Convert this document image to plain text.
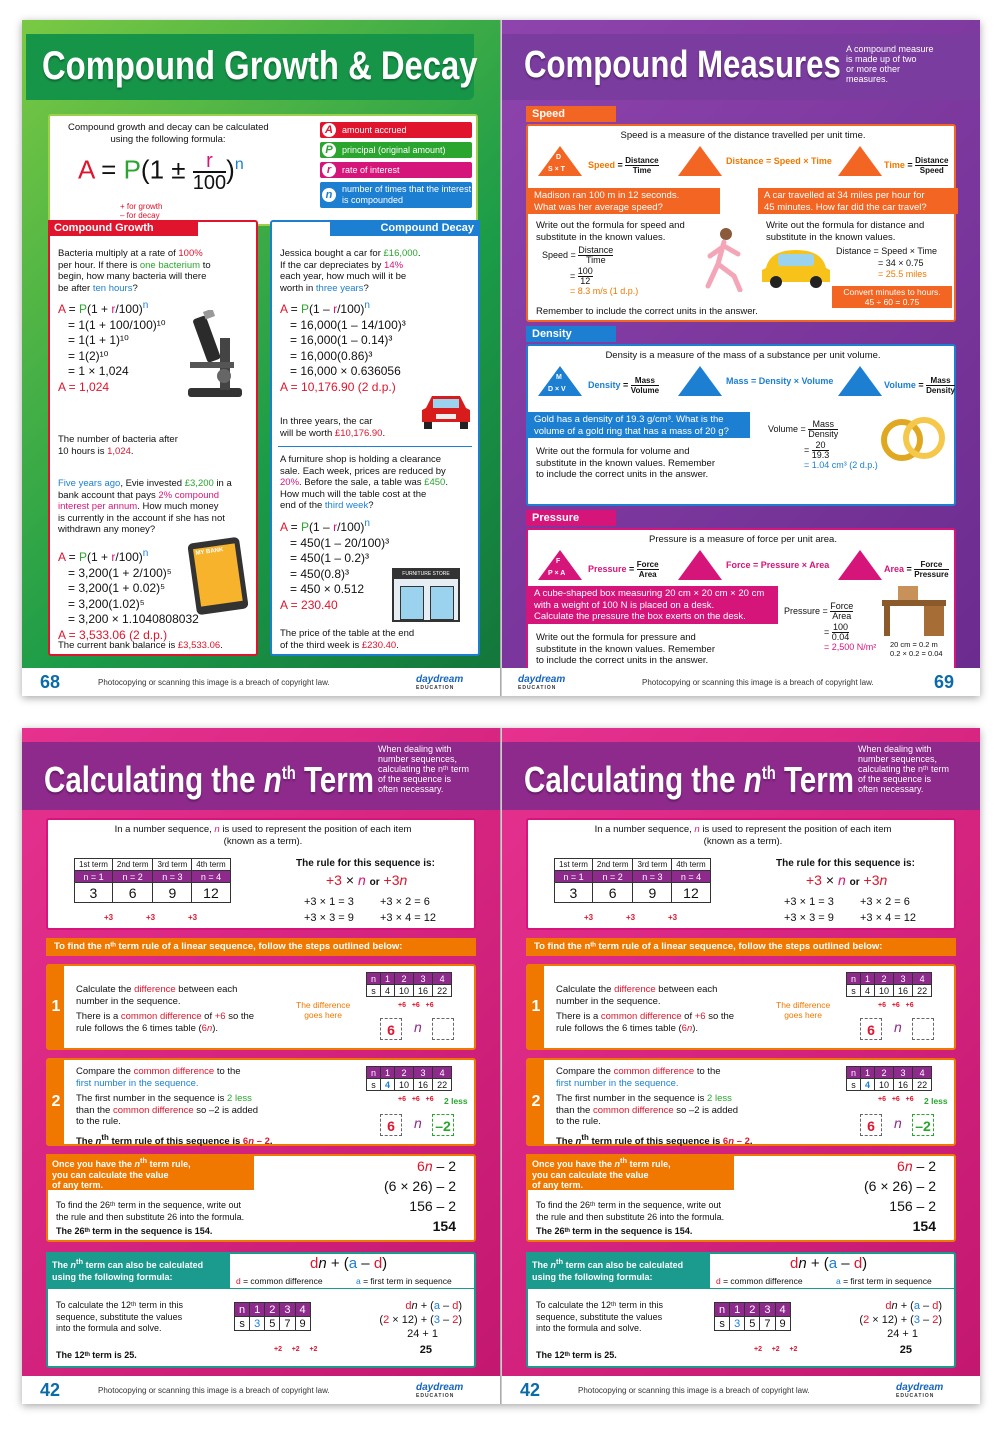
Compound Growth & Decay
Compound growth and decay can be calculated
using the following formula:
$A = P(1 \pm \frac{r}{100} )^n$
+ for growth
– for decay
A	amount accrued
P	principal (original amount)
r	rate of interest
n	number of times that the interest is compounded
Compound Growth
Bacteria multiply at a rate of 100%
per hour. If there is one bacterium to
begin, how many bacteria will there
be after ten hours?
$A = P(1 + r/100)^n$
= 1(1 + 100/100)¹⁰
= 1(1 + 1)¹⁰
= 1(2)¹⁰
= 1 × 1,024
A = 1,024
The number of bacteria after
10 hours is 1,024.
Five years ago, Evie invested £3,200 in a
bank account that pays 2% compound
interest per annum. How much money
is currently in the account if she has not
withdrawn any money?
$A = P(1 + r/100)^n$
= 3,200(1 + 2/100)⁵
= 3,200(1 + 0.02)⁵
= 3,200(1.02)⁵
= 3,200 × 1.1040808032
A = 3,533.06 (2 d.p.)
MY BANK
The current bank balance is £3,533.06.
Compound Decay
Jessica bought a car for £16,000.
If the car depreciates by 14%
each year, how much will it be
worth in three years?
A = P(1 – r/100)$^n$
= 16,000(1 – 14/100)³
= 16,000(1 – 0.14)³
= 16,000(0.86)³
= 16,000 × 0.636056
A = 10,176.90 (2 d.p.)
In three years, the car
will be worth £10,176.90.
A furniture shop is holding a clearance
sale. Each week, prices are reduced by
20%. Before the sale, a table was £450.
How much will the table cost at the
end of the third week?
A = P(1 – r/100)$^n$
= 450(1 – 20/100)³
= 450(1 – 0.2)³
= 450(0.8)³
= 450 × 0.512
A = 230.40
FURNITURE STORE
The price of the table at the end
of the third week is £230.40.
68	Photocopying or scanning this image is a breach of copyright law.	daydream
EDUCATION
Compound Measures A compound measure
is made up of two
or more other
measures.
Speed
Speed is a measure of the distance travelled per unit time.
D
S × T	Speed = Distance
Time
Distance = Speed × Time	Time = Distance
Speed
Madison ran 100 m in 12 seconds.
What was her average speed?
A car travelled at 34 miles per hour for
45 minutes. How far did the car travel?
Write out the formula for speed and
substitute in the known values.
Write out the formula for distance and
substitute in the known values.
Speed = Distance
Time
= $\frac{100}{12}$
= 8.3 m/s (1 d.p.)
Distance = Speed × Time
= 34 × 0.75
= 25.5 miles
Convert minutes to hours.
45 ÷ 60 = 0.75
Remember to include the correct units in the answer.
Density
Density is a measure of the mass of a substance per unit volume.
M
D × V Density = Mass
Volume
Mass = Density × Volume	Volume = Mass
Density
Gold has a density of 19.3 g/cm³. What is the
volume of a gold ring that has a mass of 20 g?
Write out the formula for volume and
substitute in the known values. Remember
to include the correct units in the answer.
Volume = Mass
Density
= $\frac{20}{19.3}$
= 1.04 cm³ (2 d.p.)
Pressure
Pressure is a measure of force per unit area.
F
P × A	Pressure = Force
Area
Force = Pressure × Area	Area = Force
Pressure
A cube-shaped box measuring 20 cm × 20 cm × 20 cm
with a weight of 100 N is placed on a desk.
Calculate the pressure the box exerts on the desk.
Write out the formula for pressure and
substitute in the known values. Remember
to include the correct units in the answer.
Pressure = Force
Area
= $\frac{100}{0.04}$
= 2,500 N/m² 20 cm = 0.2 m
0.2 × 0.2 = 0.04
daydream
EDUCATION
Photocopying or scanning this image is a breach of copyright law.	69
Calculating the $n^{th}$ Term
When dealing with
number sequences,
calculating the nᵗʰ term
of the sequence is
often necessary.
In a number sequence, n is used to represent the position of each item
(known as a term).
1st term	2nd term	3rd term	4th term
n = 1	n = 2	n = 3	n = 4
3	6	9	12
+3	+3	+3
The rule for this sequence is:
+3 × n or +3n
+3 × 1 = 3 +3 × 2 = 6
+3 × 3 = 9 +3 × 4 = 12
To find the nᵗʰ term rule of a linear sequence, follow the steps outlined below:
1
Calculate the difference between each
number in the sequence.
There is a common difference of +6 so the
rule follows the 6 times table (6n).
The difference
goes here
n	1	2	3	4
s	4	10	16	22
+6 +6 +6
6	n
2
Compare the common difference to the
first number in the sequence.
The first number in the sequence is 2 less
than the common difference so –2 is added
to the rule.
The $n^{th}$ term rule of this sequence is 6n – 2.
n	1	2	3	4
s	4	10	16	22
+6 +6 +6 2 less
6	n –2
Once you have the $n^{th}$ term rule,
you can calculate the value
of any term.
To find the 26ᵗʰ term in the sequence, write out
the rule and then substitute 26 into the formula.
The 26ᵗʰ term in the sequence is 154.
6n – 2
(6 × 26) – 2
156 – 2
154
The $n^{th}$ term can also be calculated
using the following formula:
dn + (a – d)
d = common difference	a = first term in sequence
To calculate the 12ᵗʰ term in this
sequence, substitute the values
into the formula and solve.
The 12ᵗʰ term is 25.
n	1	2	3	4
s	3	5	7	9
+2 +2 +2
dn + (a – d)
(2 × 12) + (3 – 2)
24 + 1
25
42	Photocopying or scanning this image is a breach of copyright law.	daydream
EDUCATION
Calculating the $n^{th}$ Term
When dealing with
number sequences,
calculating the nᵗʰ term
of the sequence is
often necessary.
In a number sequence, n is used to represent the position of each item
(known as a term).
1st term	2nd term	3rd term	4th term
n = 1	n = 2	n = 3	n = 4
3	6	9	12
+3	+3	+3
The rule for this sequence is:
+3 × n or +3n
+3 × 1 = 3 +3 × 2 = 6
+3 × 3 = 9 +3 × 4 = 12
To find the nᵗʰ term rule of a linear sequence, follow the steps outlined below:
1
Calculate the difference between each
number in the sequence.
There is a common difference of +6 so the
rule follows the 6 times table (6n).
The difference
goes here
n	1	2	3	4
s	4	10	16	22
+6 +6 +6
6	n
2
Compare the common difference to the
first number in the sequence.
The first number in the sequence is 2 less
than the common difference so –2 is added
to the rule.
The $n^{th}$ term rule of this sequence is 6n – 2.
n	1	2	3	4
s	4	10	16	22
+6 +6 +6 2 less
6	n –2
Once you have the $n^{th}$ term rule,
you can calculate the value
of any term.
To find the 26ᵗʰ term in the sequence, write out
the rule and then substitute 26 into the formula.
The 26ᵗʰ term in the sequence is 154.
6n – 2
(6 × 26) – 2
156 – 2
154
The $n^{th}$ term can also be calculated
using the following formula:
dn + (a – d)
d = common difference	a = first term in sequence
To calculate the 12ᵗʰ term in this
sequence, substitute the values
into the formula and solve.
The 12ᵗʰ term is 25.
n	1	2	3	4
s	3	5	7	9
+2 +2 +2
dn + (a – d)
(2 × 12) + (3 – 2)
24 + 1
25
42	Photocopying or scanning this image is a breach of copyright law.	daydream
EDUCATION
